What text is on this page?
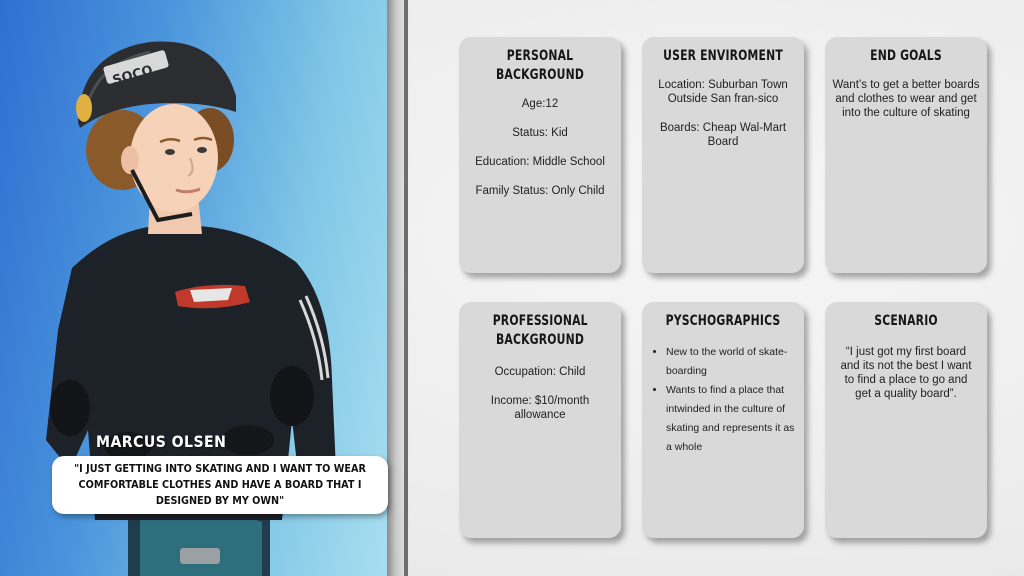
SOCO
MARCUS OLSEN
"I JUST GETTING INTO SKATING AND I WANT TO WEAR COMFORTABLE CLOTHES AND HAVE A BOARD THAT I DESIGNED BY MY OWN"
PERSONAL BACKGROUND

Age:12

Status: Kid

Education: Middle School

Family Status: Only Child

USER ENVIROMENT

Location: Suburban Town Outside San fran-sico

Boards: Cheap Wal-Mart Board

END GOALS

Want’s to get a better boards and clothes to wear and get into the culture of skating

PROFESSIONAL BACKGROUND

Occupation: Child

Income: $10/month allowance

PYSCHOGRAPHICS
• New to the world of skate-boarding
• Wants to find a place that intwinded in the culture of skating and represents it as a whole
SCENARIO

“I just got my first board and its not the best I want to find a place to go and get a quality board”.
